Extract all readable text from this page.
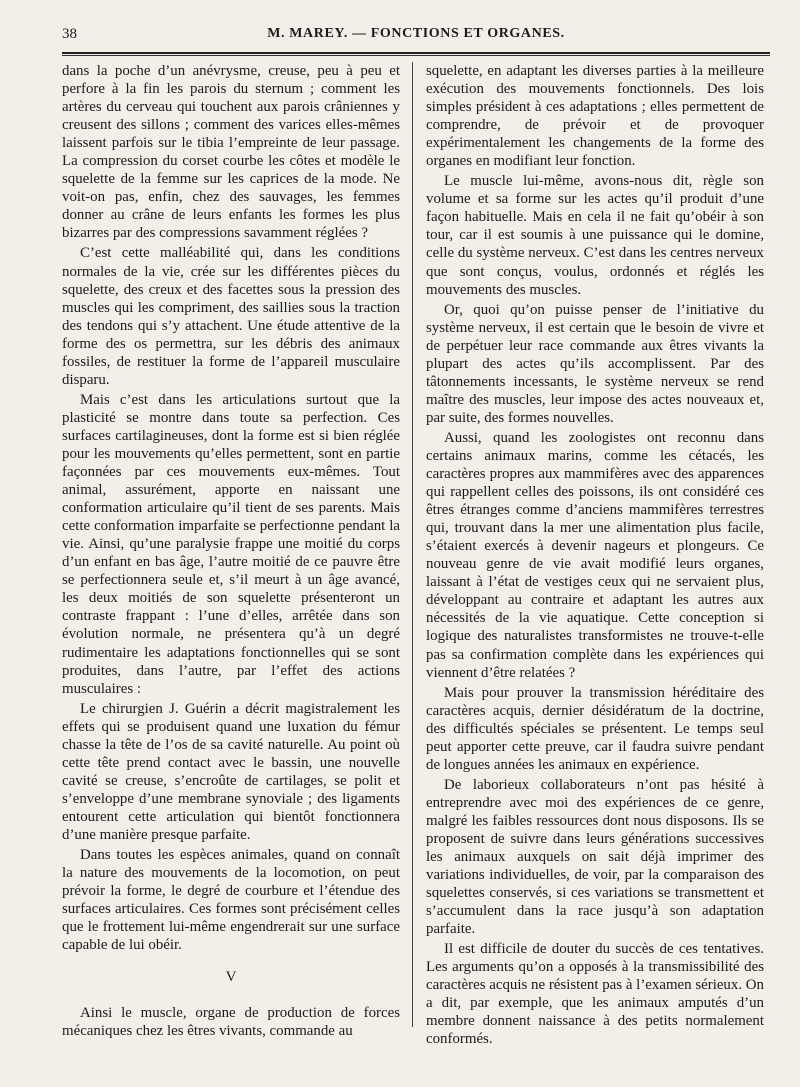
38	M. MAREY. — FONCTIONS ET ORGANES.

dans la poche d’un anévrysme, creuse, peu à peu et perfore à la fin les parois du sternum ; comment les artères du cerveau qui touchent aux parois crâniennes y creusent des sillons ; comment des varices elles-mêmes laissent parfois sur le tibia l’empreinte de leur passage. La compression du corset courbe les côtes et modèle le squelette de la femme sur les caprices de la mode. Ne voit-on pas, enfin, chez des sauvages, les femmes donner au crâne de leurs enfants les formes les plus bizarres par des compressions savamment réglées ?

C’est cette malléabilité qui, dans les conditions normales de la vie, crée sur les différentes pièces du squelette, des creux et des facettes sous la pression des muscles qui les compriment, des saillies sous la traction des tendons qui s’y attachent. Une étude attentive de la forme des os permettra, sur les débris des animaux fossiles, de restituer la forme de l’appareil musculaire disparu.

Mais c’est dans les articulations surtout que la plasticité se montre dans toute sa perfection. Ces surfaces cartilagineuses, dont la forme est si bien réglée pour les mouvements qu’elles permettent, sont en partie façonnées par ces mouvements eux-mêmes. Tout animal, assurément, apporte en naissant une conformation articulaire qu’il tient de ses parents. Mais cette conformation imparfaite se perfectionne pendant la vie. Ainsi, qu’une paralysie frappe une moitié du corps d’un enfant en bas âge, l’autre moitié de ce pauvre être se perfectionnera seule et, s’il meurt à un âge avancé, les deux moitiés de son squelette présenteront un contraste frappant : l’une d’elles, arrêtée dans son évolution normale, ne présentera qu’à un degré rudimentaire les adaptations fonctionnelles qui se sont produites, dans l’autre, par l’effet des actions musculaires :

Le chirurgien J. Guérin a décrit magistralement les effets qui se produisent quand une luxation du fémur chasse la tête de l’os de sa cavité naturelle. Au point où cette tête prend contact avec le bassin, une nouvelle cavité se creuse, s’encroûte de cartilages, se polit et s’enveloppe d’une membrane synoviale ; des ligaments entourent cette articulation qui bientôt fonctionnera d’une manière presque parfaite.

Dans toutes les espèces animales, quand on connaît la nature des mouvements de la locomotion, on peut prévoir la forme, le degré de courbure et l’étendue des surfaces articulaires. Ces formes sont précisément celles que le frottement lui-même engendrerait sur une surface capable de lui obéir.

V

Ainsi le muscle, organe de production de forces mécaniques chez les êtres vivants, commande au

squelette, en adaptant les diverses parties à la meilleure exécution des mouvements fonctionnels. Des lois simples président à ces adaptations ; elles permettent de comprendre, de prévoir et de provoquer expérimentalement les changements de la forme des organes en modifiant leur fonction.

Le muscle lui-même, avons-nous dit, règle son volume et sa forme sur les actes qu’il produit d’une façon habituelle. Mais en cela il ne fait qu’obéir à son tour, car il est soumis à une puissance qui le domine, celle du système nerveux. C’est dans les centres nerveux que sont conçus, voulus, ordonnés et réglés les mouvements des muscles.

Or, quoi qu’on puisse penser de l’initiative du système nerveux, il est certain que le besoin de vivre et de perpétuer leur race commande aux êtres vivants la plupart des actes qu’ils accomplissent. Par des tâtonnements incessants, le système nerveux se rend maître des muscles, leur impose des actes nouveaux et, par suite, des formes nouvelles.

Aussi, quand les zoologistes ont reconnu dans certains animaux marins, comme les cétacés, les caractères propres aux mammifères avec des apparences qui rappellent celles des poissons, ils ont considéré ces êtres étranges comme d’anciens mammifères terrestres qui, trouvant dans la mer une alimentation plus facile, s’étaient exercés à devenir nageurs et plongeurs. Ce nouveau genre de vie avait modifié leurs organes, laissant à l’état de vestiges ceux qui ne servaient plus, développant au contraire et adaptant les autres aux nécessités de la vie aquatique. Cette conception si logique des naturalistes transformistes ne trouve-t-elle pas sa confirmation complète dans les expériences qui viennent d’être relatées ?

Mais pour prouver la transmission héréditaire des caractères acquis, dernier désidératum de la doctrine, des difficultés spéciales se présentent. Le temps seul peut apporter cette preuve, car il faudra suivre pendant de longues années les animaux en expérience.

De laborieux collaborateurs n’ont pas hésité à entreprendre avec moi des expériences de ce genre, malgré les faibles ressources dont nous disposons. Ils se proposent de suivre dans leurs générations successives les animaux auxquels on sait déjà imprimer des variations individuelles, de voir, par la comparaison des squelettes conservés, si ces variations se transmettent et s’accumulent dans la race jusqu’à son adaptation parfaite.

Il est difficile de douter du succès de ces tentatives. Les arguments qu’on a opposés à la transmissibilité des caractères acquis ne résistent pas à l’examen sérieux. On a dit, par exemple, que les animaux amputés d’un membre donnent naissance à des petits normalement conformés.
